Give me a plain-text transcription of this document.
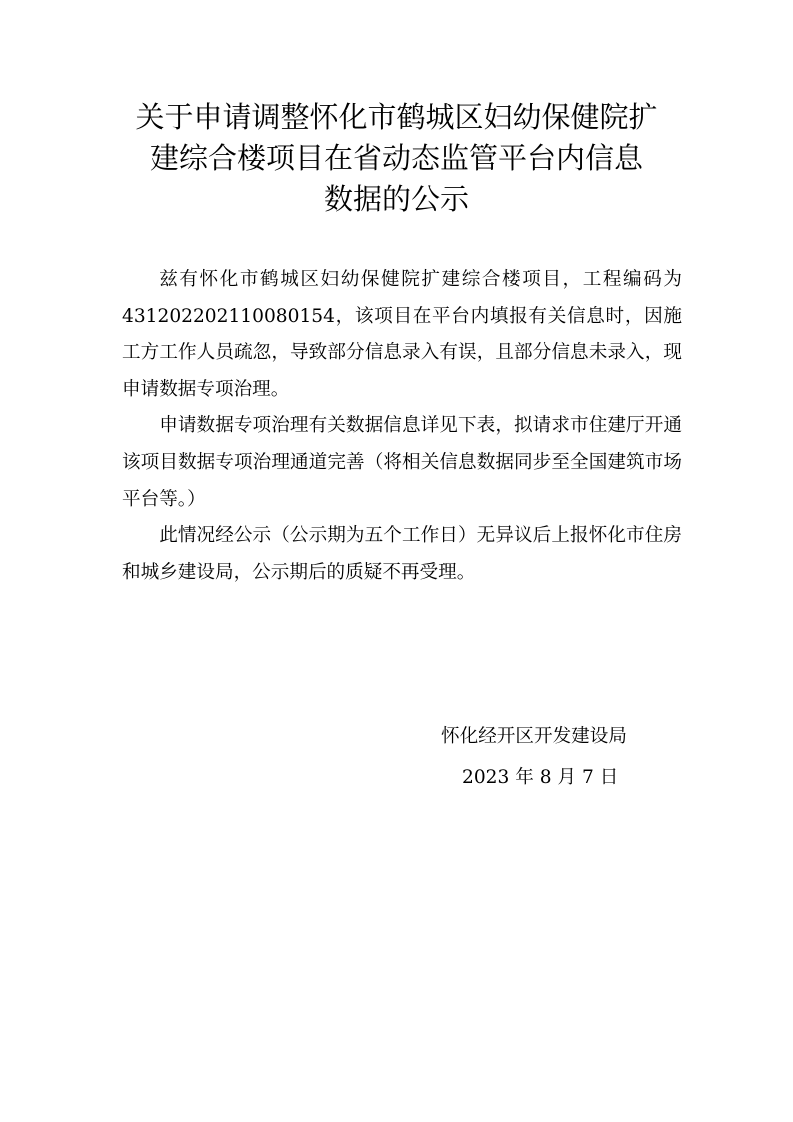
关于申请调整怀化市鹤城区妇幼保健院扩
建综合楼项目在省动态监管平台内信息
数据的公示

兹有怀化市鹤城区妇幼保健院扩建综合楼项目，工程编码为431202202110080154，该项目在平台内填报有关信息时，因施工方工作人员疏忽，导致部分信息录入有误，且部分信息未录入，现申请数据专项治理。

申请数据专项治理有关数据信息详见下表，拟请求市住建厅开通该项目数据专项治理通道完善（将相关信息数据同步至全国建筑市场平台等。）

此情况经公示（公示期为五个工作日）无异议后上报怀化市住房和城乡建设局，公示期后的质疑不再受理。

怀化经开区开发建设局
2023 年 8 月 7 日
